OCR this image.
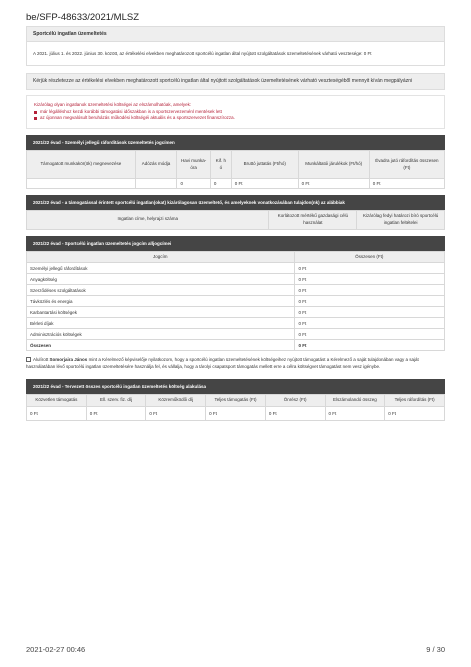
be/SFP-48633/2021/MLSZ
Sportcélú ingatlan üzemeltetés
A 2021. július 1. és 2022. június 30. között, az értékelési elvekben meghatározott sportcélú ingatlan által nyújtott szolgáltatások üzemeltetésének várható vesztesége: 0 Ft
Kérjük részletezze az értékelési elvekben meghatározott sportcélú ingatlan által nyújtott szolgáltatások üzemeltetésének várható veszteségéből mennyit kíván megpályázni
Kizárólag olyan ingatlanok üzemeltetési költségei az elszámolhatóak, amelyek:
már légálléshoz kezdi korábbi támogatási időszakban is a sportszervezeménl mentések lett
az újonnan megvalósult beruházás működési költségéi aktuális és a sportszervezet finanszírozza.
2021/22 évad - Személyi jellegű ráfordítások üzemeltetés jogcímen
Támogatott munkakör(ök) megnevezése	Adózás módja	Havi munka-óra	Kif. h ó	Bruttó juttatás (Ft/hó)	Munkáltatói járulékok (Ft/hó)	Évadra jutó ráfordítás összesen (Ft)
		0	0	0 Ft	0 Ft	0 Ft
2021/22 évad - a támogatással érintett sportcélú ingatlan(okat) kizárólagosan üzemeltető, és amelyeknek vonatkozásában tulajdon(nk) az alábbiak
Ingatlan címe, helyrajzi száma	Korlátozott mértékű gazdasági célú használat	Kizárólag fedyi határozi bíró sportcélú ingatlan feltételei
2021/22 évad - Sportcélú ingatlan üzemeltetés jogcím alljogcímei
Jogcím	Összesen (Ft)
Személyi jellegű ráfordítások	0 Ft
Anyagköltség	0 Ft
Szerződéses szolgáltatások	0 Ft
Távközlés és energia	0 Ft
Karbantartási költségek	0 Ft
Bérleti díjak	0 Ft
Adminisztrációs költségek	0 Ft
Összesen	0 Ft
Alulírott Somorjaira János mint a Kérelmező képviselője nyilatkozom, hogy a sportcélú ingatlan üzemeltetésének költségeihez nyújtott támogatást a Kérelmező a saját tulajdonában vagy a saját használatában lévő sportcélú ingatlan üzemeltetésére használja fel, és vállalja, hogy a tárolyi csapatsport támogatás mellett erre a célra költségvet támogatást nem vesz igénybe.
2021/22 évad - Tervezett összes sportcélú ingatlan üzemeltetés költség alakulása
Közvetlen támogatás	Ell. szerv. fiz. díj	Közreműködői díj	Teljes támogatás (Ft)	Önrész (Ft)	Elszámolandó összeg	Teljes ráfordítás (Ft)
0 Ft	0 Ft	0 Ft	0 Ft	0 Ft	0 Ft	0 Ft
2021-02-27 00:46	9 / 30
